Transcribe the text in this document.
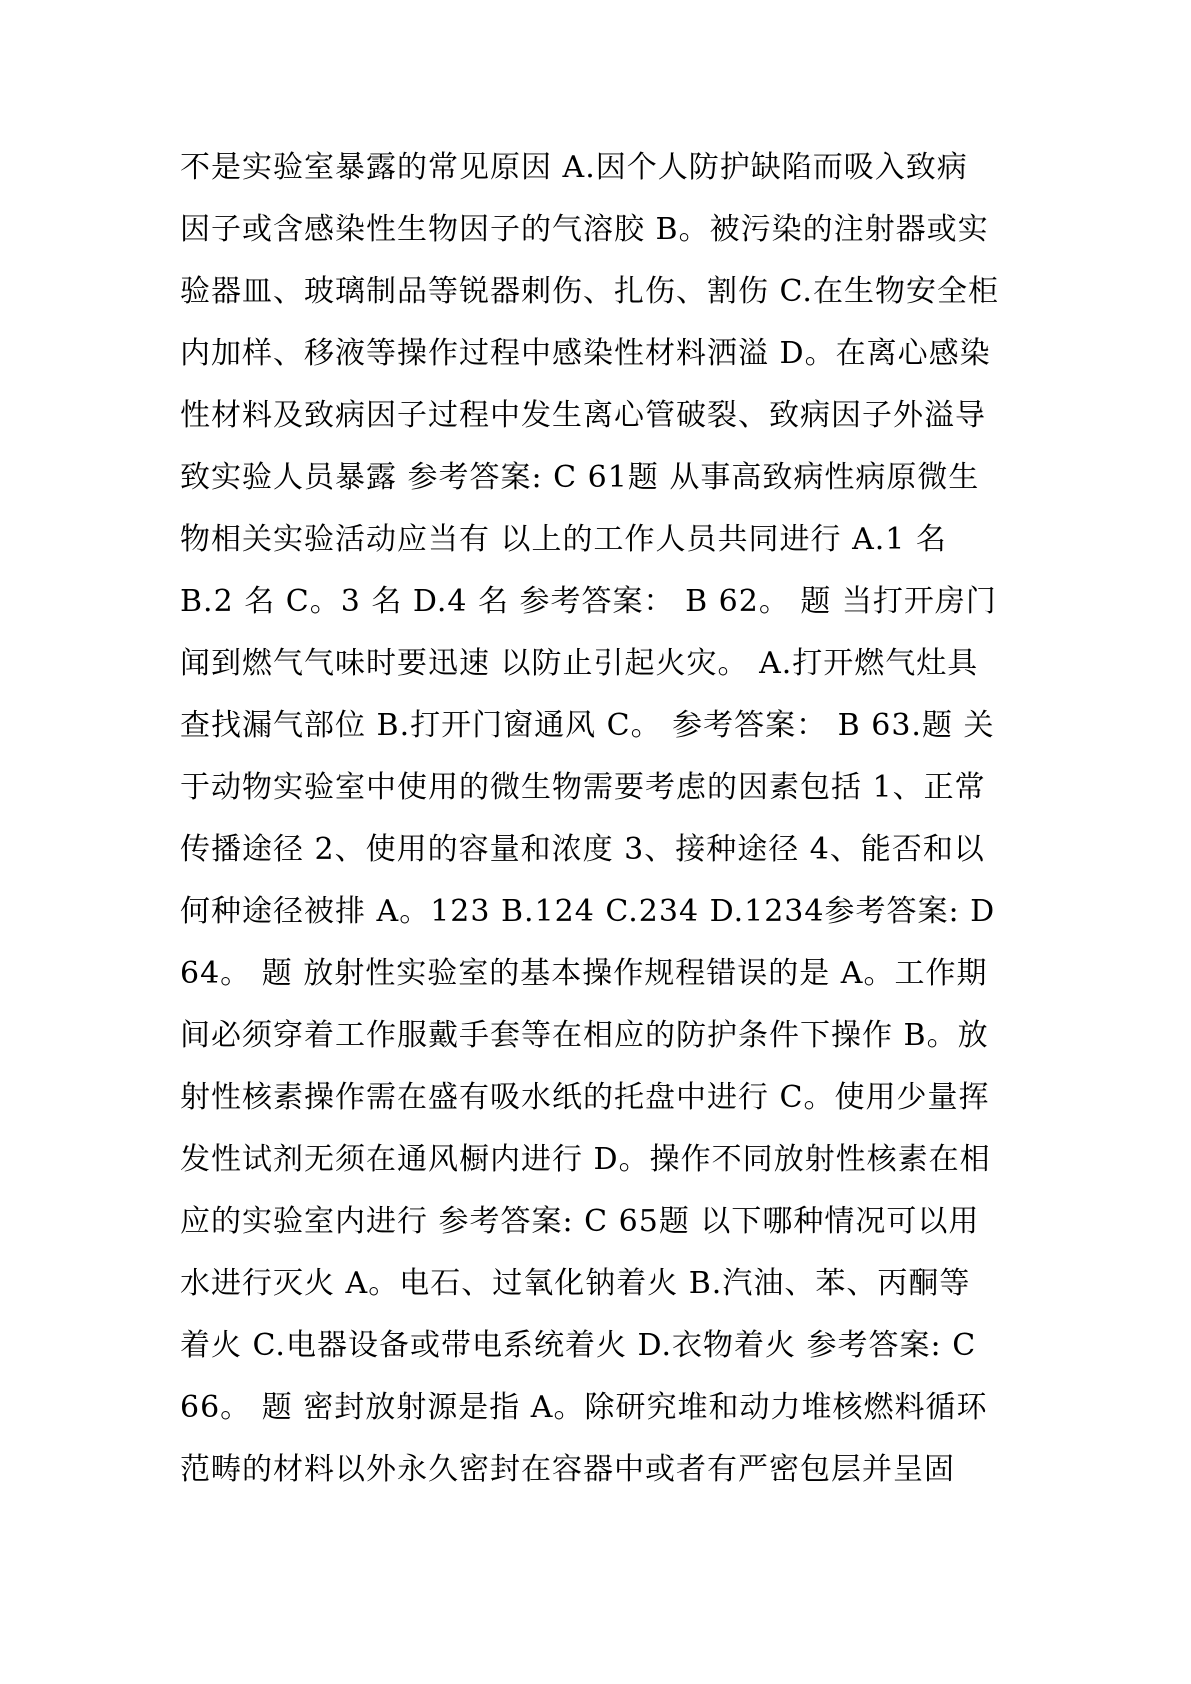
不是实验室暴露的常见原因 A.因个人防护缺陷而吸入致病
因子或含感染性生物因子的气溶胶 B。被污染的注射器或实
验器皿、玻璃制品等锐器刺伤、扎伤、割伤 C.在生物安全柜
内加样、移液等操作过程中感染性材料洒溢 D。在离心感染
性材料及致病因子过程中发生离心管破裂、致病因子外溢导
致实验人员暴露 参考答案: C 61题 从事高致病性病原微生
物相关实验活动应当有 以上的工作人员共同进行 A.1 名
B.2 名 C。3 名 D.4 名 参考答案： B 62。 题 当打开房门
闻到燃气气味时要迅速 以防止引起火灾。 A.打开燃气灶具
查找漏气部位 B.打开门窗通风 C。 参考答案： B 63.题 关
于动物实验室中使用的微生物需要考虑的因素包括 1、正常
传播途径 2、使用的容量和浓度 3、接种途径 4、能否和以
何种途径被排 A。123 B.124 C.234 D.1234参考答案: D
64。 题 放射性实验室的基本操作规程错误的是 A。工作期
间必须穿着工作服戴手套等在相应的防护条件下操作 B。放
射性核素操作需在盛有吸水纸的托盘中进行 C。使用少量挥
发性试剂无须在通风橱内进行 D。操作不同放射性核素在相
应的实验室内进行 参考答案: C 65题 以下哪种情况可以用
水进行灭火 A。电石、过氧化钠着火 B.汽油、苯、丙酮等
着火 C.电器设备或带电系统着火 D.衣物着火 参考答案: C
66。 题 密封放射源是指 A。除研究堆和动力堆核燃料循环
范畴的材料以外永久密封在容器中或者有严密包层并呈固
